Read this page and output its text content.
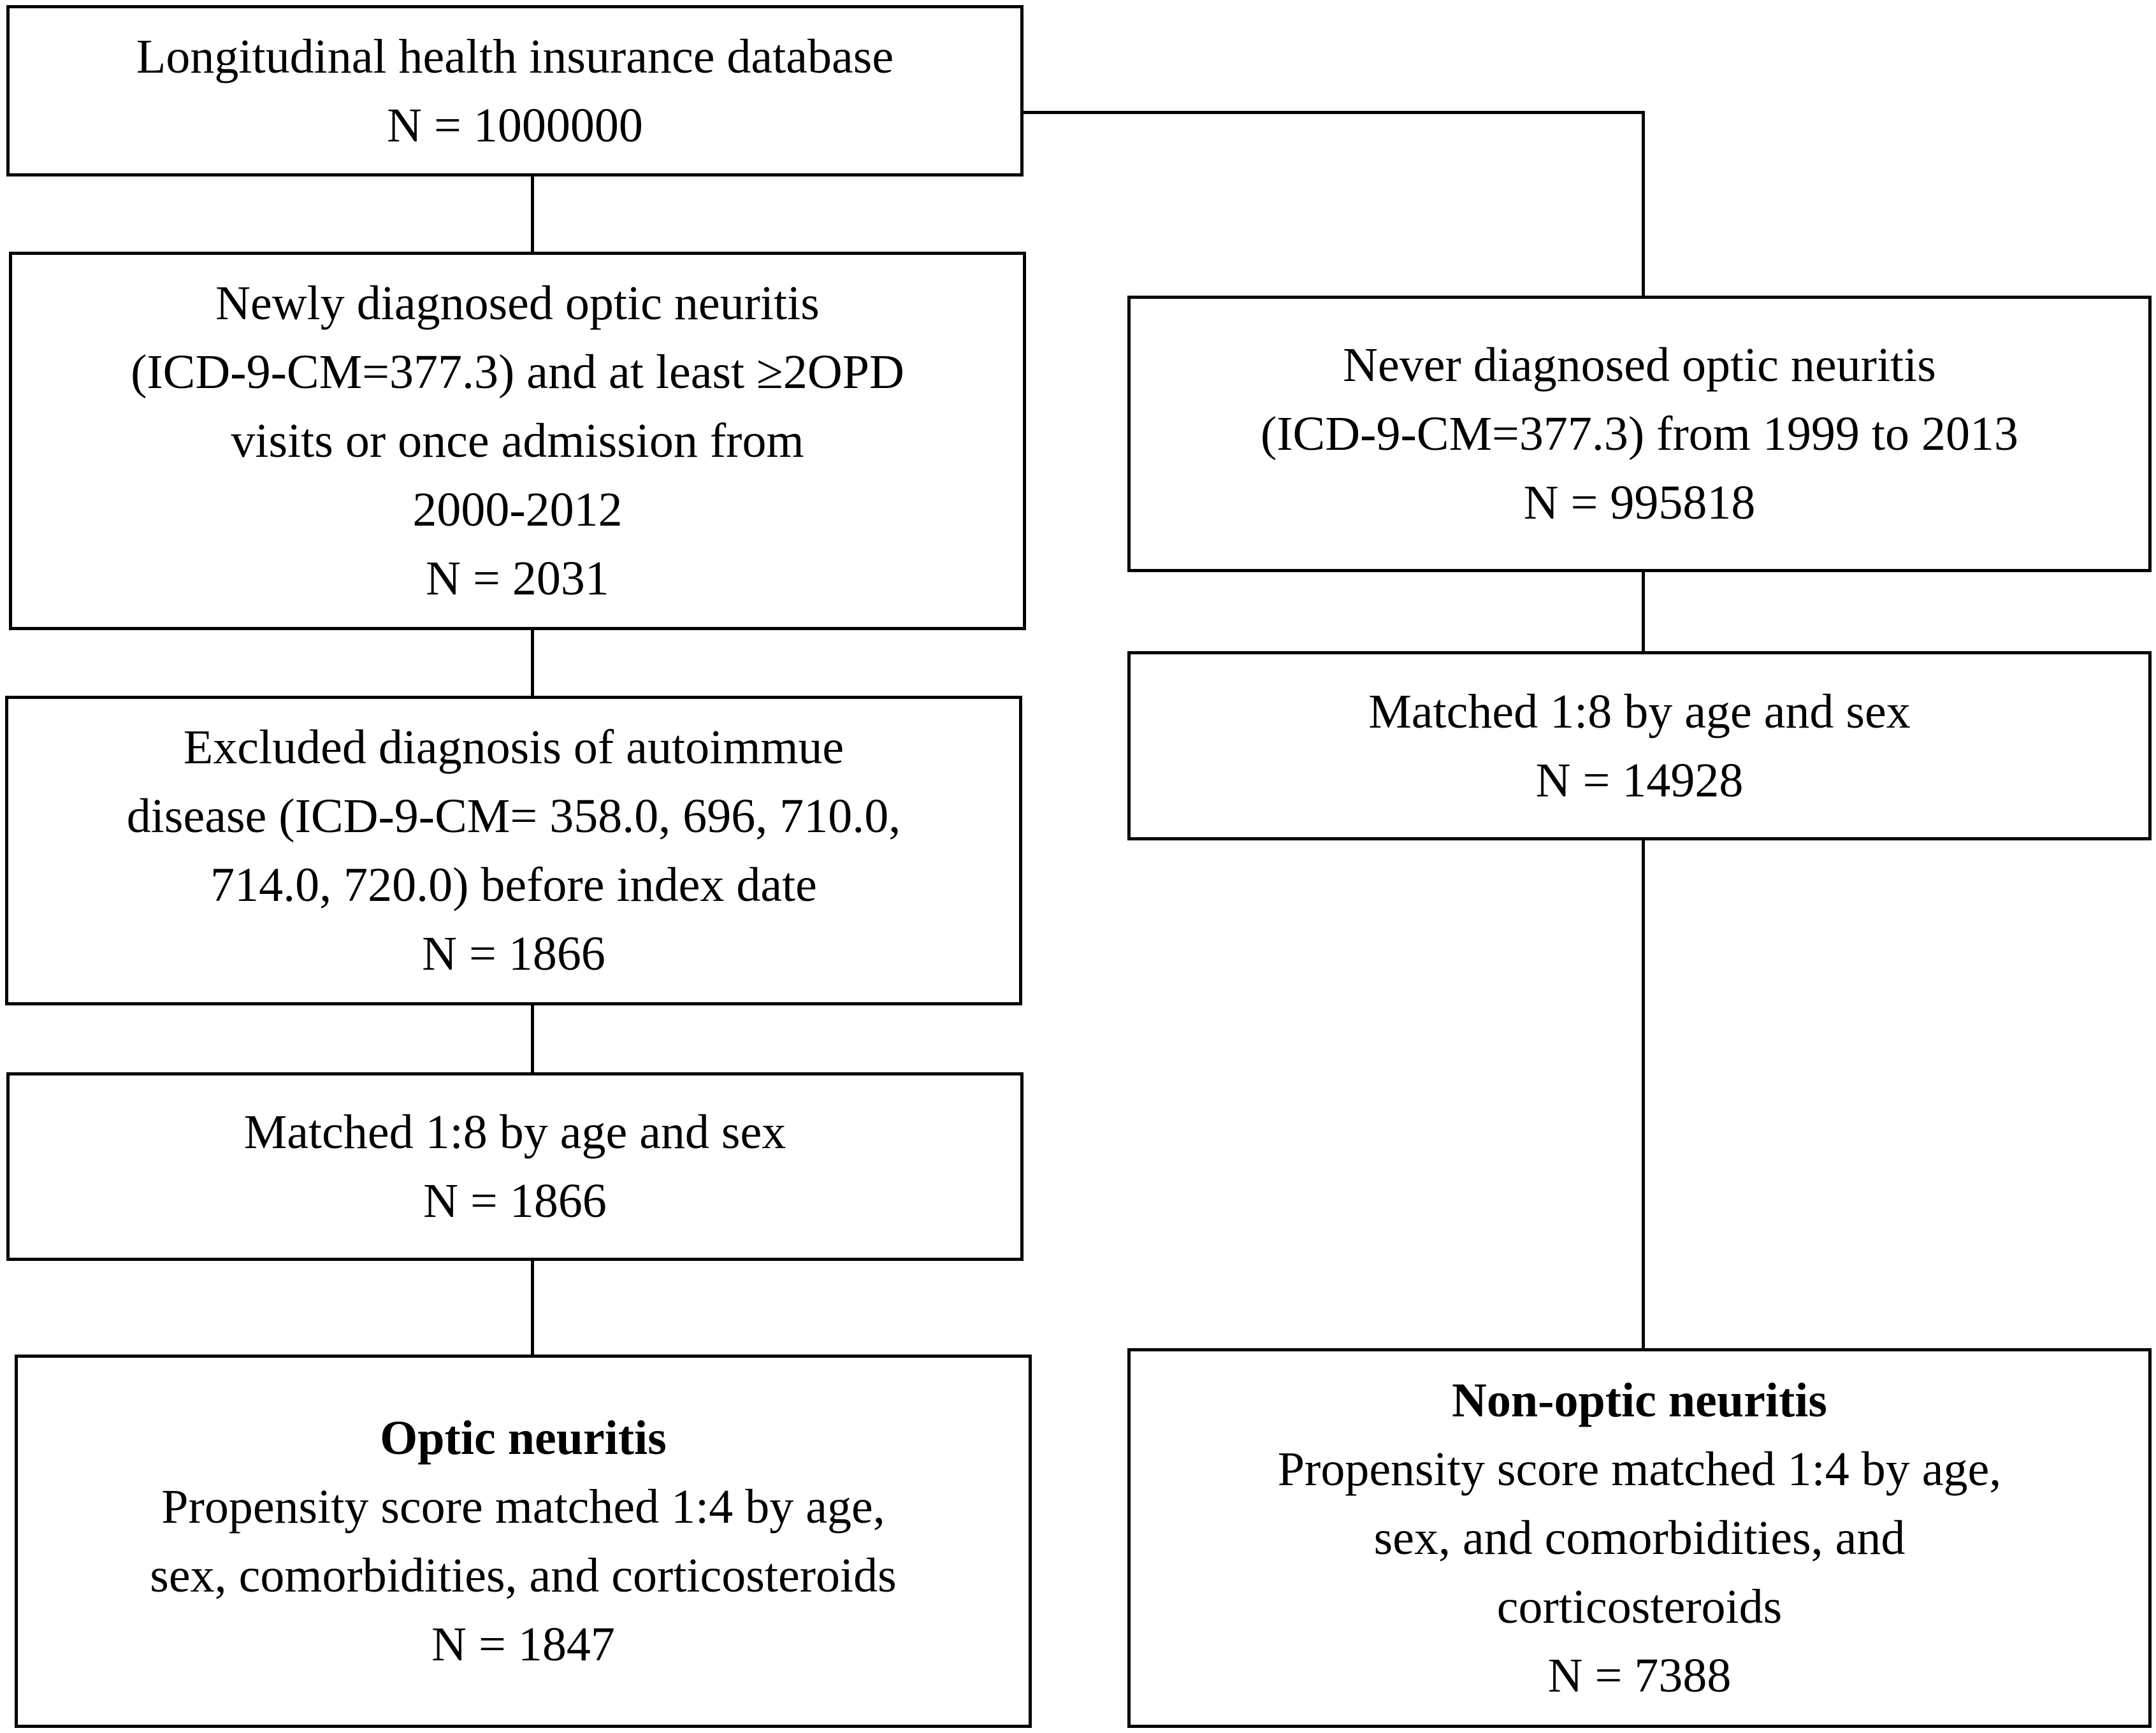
Longitudinal health insurance database
N = 1000000
Newly diagnosed optic neuritis
(ICD-9-CM=377.3) and at least ≥2OPD
visits or once admission from
2000-2012
N = 2031
Excluded diagnosis of autoimmue
disease (ICD-9-CM= 358.0, 696, 710.0,
714.0, 720.0) before index date
N = 1866
Matched 1:8 by age and sex
N = 1866
Optic neuritis
Propensity score matched 1:4 by age,
sex, comorbidities, and corticosteroids
N = 1847
Never diagnosed optic neuritis
(ICD-9-CM=377.3) from 1999 to 2013
N = 995818
Matched 1:8 by age and sex
N = 14928
Non-optic neuritis
Propensity score matched 1:4 by age,
sex, and comorbidities, and
corticosteroids
N = 7388
